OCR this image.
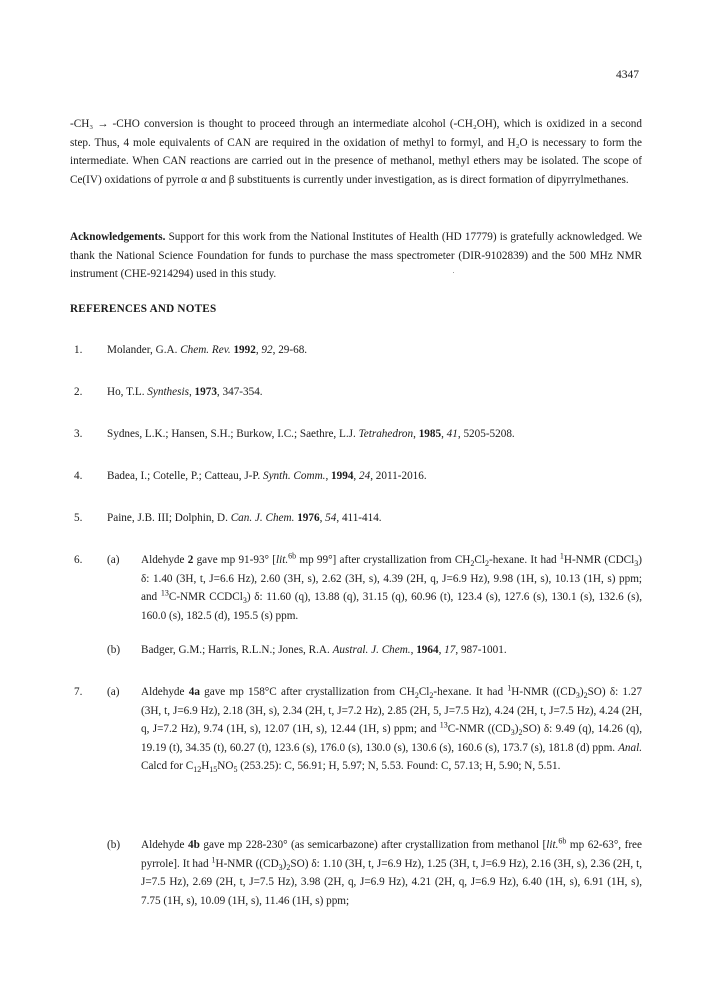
4347
-CH₃ → -CHO conversion is thought to proceed through an intermediate alcohol (-CH₂OH), which is oxidized in a second step. Thus, 4 mole equivalents of CAN are required in the oxidation of methyl to formyl, and H₂O is necessary to form the intermediate. When CAN reactions are carried out in the presence of methanol, methyl ethers may be isolated. The scope of Ce(IV) oxidations of pyrrole α and β substituents is currently under investigation, as is direct formation of dipyrrylmethanes.
Acknowledgements. Support for this work from the National Institutes of Health (HD 17779) is gratefully acknowledged. We thank the National Science Foundation for funds to purchase the mass spectrometer (DIR-9102839) and the 500 MHz NMR instrument (CHE-9214294) used in this study.
REFERENCES AND NOTES
1. Molander, G.A. Chem. Rev. 1992, 92, 29-68.
2. Ho, T.L. Synthesis, 1973, 347-354.
3. Sydnes, L.K.; Hansen, S.H.; Burkow, I.C.; Saethre, L.J. Tetrahedron, 1985, 41, 5205-5208.
4. Badea, I.; Cotelle, P.; Catteau, J-P. Synth. Comm., 1994, 24, 2011-2016.
5. Paine, J.B. III; Dolphin, D. Can. J. Chem. 1976, 54, 411-414.
6. (a) Aldehyde 2 gave mp 91-93° [lit.$^{6b}$ mp 99°] after crystallization from $CH_2Cl_2$-hexane. It had $^1$H-NMR (CDCl$_3$) δ: 1.40 (3H, t, J=6.6 Hz), 2.60 (3H, s), 2.62 (3H, s), 4.39 (2H, q, J=6.9 Hz), 9.98 (1H, s), 10.13 (1H, s) ppm; and $^{13}$C-NMR CCDCl$_3$) δ: 11.60 (q), 13.88 (q), 31.15 (q), 60.96 (t), 123.4 (s), 127.6 (s), 130.1 (s), 132.6 (s), 160.0 (s), 182.5 (d), 195.5 (s) ppm.
(b) Badger, G.M.; Harris, R.L.N.; Jones, R.A. Austral. J. Chem., 1964, 17, 987-1001.
7. (a) Aldehyde 4a gave mp 158°C after crystallization from $CH_2Cl_2$-hexane. It had $^1$H-NMR $((CD_3)_2SO)$ δ: 1.27 (3H, t, J=6.9 Hz), 2.18 (3H, s), 2.34 (2H, t, J=7.2 Hz), 2.85 (2H, 5, J=7.5 Hz), 4.24 (2H, t, J=7.5 Hz), 4.24 (2H, q, J=7.2 Hz), 9.74 (1H, s), 12.07 (1H, s), 12.44 (1H, s) ppm; and $^{13}$C-NMR $((CD_3)_2SO)$ δ: 9.49 (q), 14.26 (q), 19.19 (t), 34.35 (t), 60.27 (t), 123.6 (s), 176.0 (s), 130.0 (s), 130.6 (s), 160.6 (s), 173.7 (s), 181.8 (d) ppm. Anal. Calcd for $C_{12}H_{15}NO_5$ (253.25): C, 56.91; H, 5.97; N, 5.53. Found: C, 57.13; H, 5.90; N, 5.51.
(b) Aldehyde 4b gave mp 228-230° (as semicarbazone) after crystallization from methanol [lit.$^{6b}$ mp 62-63°, free pyrrole]. It had $^1$H-NMR $((CD_3)_2SO)$ δ: 1.10 (3H, t, J=6.9 Hz), 1.25 (3H, t, J=6.9 Hz), 2.16 (3H, s), 2.36 (2H, t, J=7.5 Hz), 2.69 (2H, t, J=7.5 Hz), 3.98 (2H, q, J=6.9 Hz), 4.21 (2H, q, J=6.9 Hz), 6.40 (1H, s), 6.91 (1H, s), 7.75 (1H, s), 10.09 (1H, s), 11.46 (1H, s) ppm;
